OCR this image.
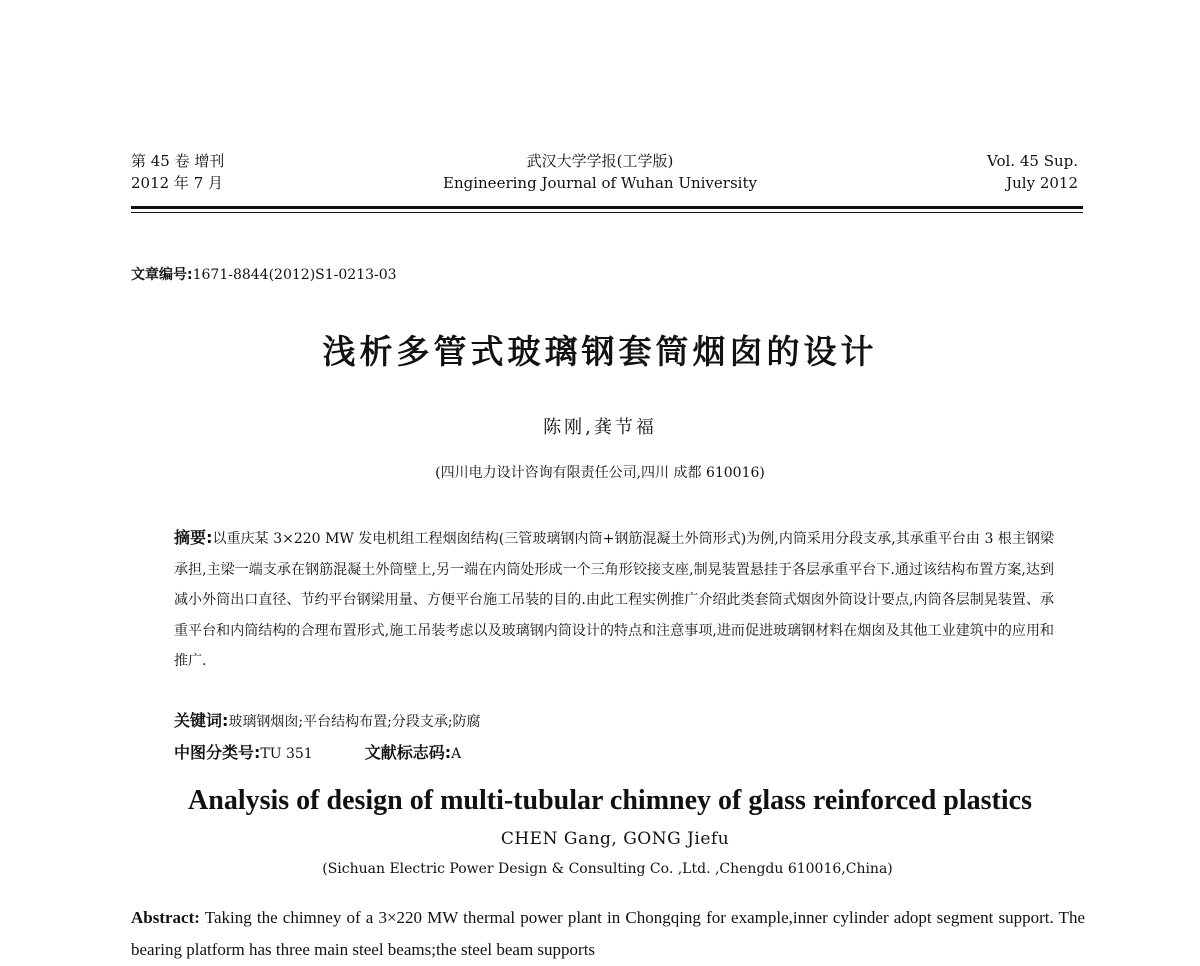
第 45 卷 增刊
2012 年 7 月
武汉大学学报(工学版)
Engineering Journal of Wuhan University
Vol. 45 Sup.
July 2012
文章编号:1671-8844(2012)S1-0213-03
浅析多管式玻璃钢套筒烟囱的设计
陈刚,龚节福
(四川电力设计咨询有限责任公司,四川 成都 610016)
摘要:以重庆某 3×220 MW 发电机组工程烟囱结构(三管玻璃钢内筒+钢筋混凝土外筒形式)为例,内筒采用分段支承,其承重平台由 3 根主钢梁承担,主梁一端支承在钢筋混凝土外筒壁上,另一端在内筒处形成一个三角形铰接支座,制晃装置悬挂于各层承重平台下.通过该结构布置方案,达到减小外筒出口直径、节约平台钢梁用量、方便平台施工吊装的目的.由此工程实例推广介绍此类套筒式烟囱外筒设计要点,内筒各层制晃装置、承重平台和内筒结构的合理布置形式,施工吊装考虑以及玻璃钢内筒设计的特点和注意事项,进而促进玻璃钢材料在烟囱及其他工业建筑中的应用和推广.
关键词:玻璃钢烟囱;平台结构布置;分段支承;防腐
中图分类号:TU 351	文献标志码:A
Analysis of design of multi-tubular chimney of glass reinforced plastics
CHEN Gang, GONG Jiefu
(Sichuan Electric Power Design & Consulting Co. ,Ltd. ,Chengdu 610016,China)
Abstract: Taking the chimney of a 3×220 MW thermal power plant in Chongqing for example,inner cylinder adopt segment support. The bearing platform has three main steel beams;the steel beam supports
